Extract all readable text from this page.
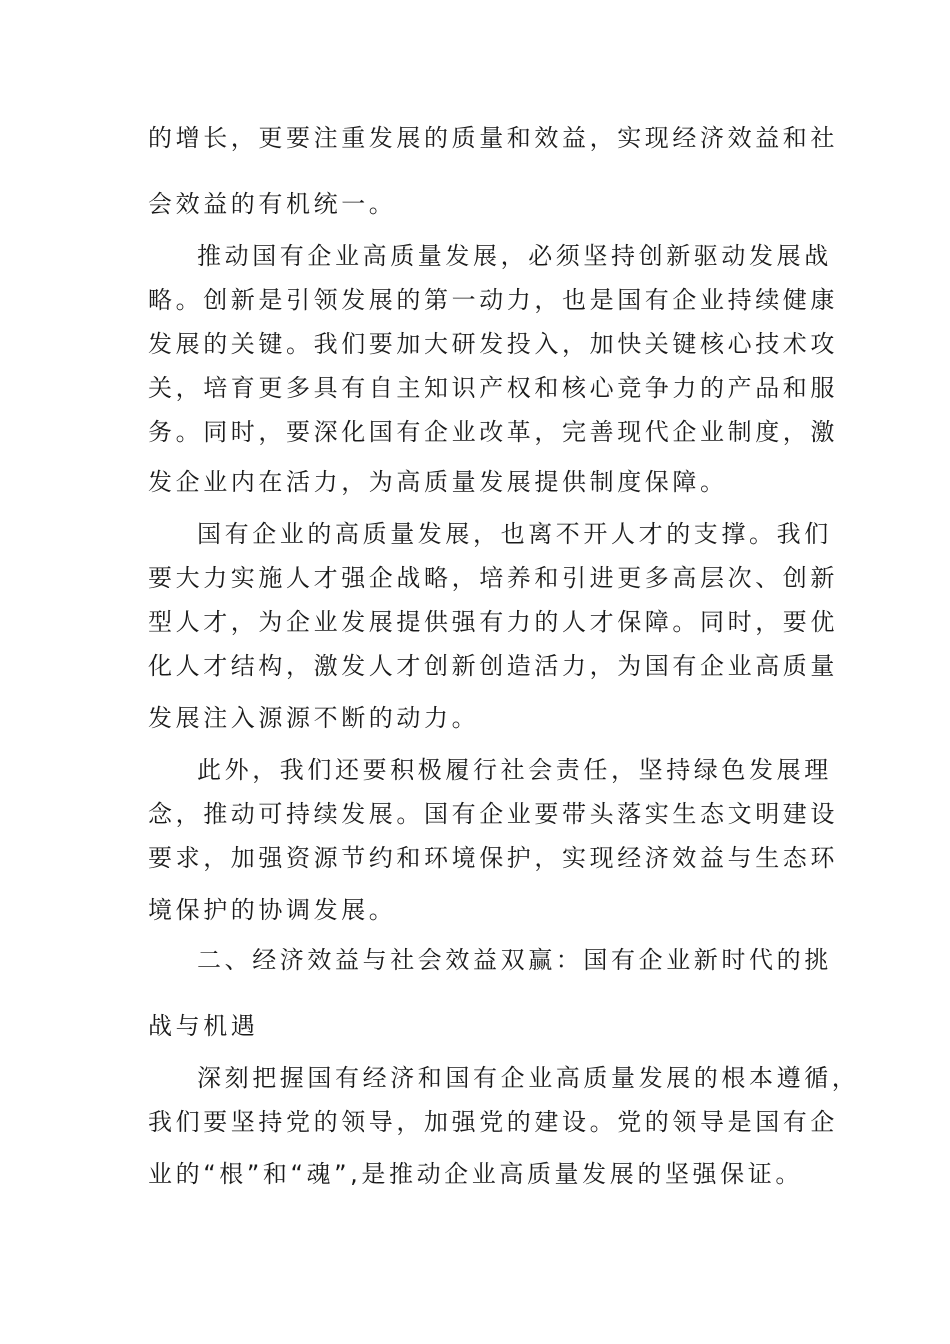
的增长，更要注重发展的质量和效益，实现经济效益和社
会效益的有机统一。
推动国有企业高质量发展，必须坚持创新驱动发展战
略。创新是引领发展的第一动力，也是国有企业持续健康
发展的关键。我们要加大研发投入，加快关键核心技术攻
关，培育更多具有自主知识产权和核心竞争力的产品和服
务。同时，要深化国有企业改革，完善现代企业制度，激
发企业内在活力，为高质量发展提供制度保障。
国有企业的高质量发展，也离不开人才的支撑。我们
要大力实施人才强企战略，培养和引进更多高层次、创新
型人才，为企业发展提供强有力的人才保障。同时，要优
化人才结构，激发人才创新创造活力，为国有企业高质量
发展注入源源不断的动力。
此外，我们还要积极履行社会责任，坚持绿色发展理
念，推动可持续发展。国有企业要带头落实生态文明建设
要求，加强资源节约和环境保护，实现经济效益与生态环
境保护的协调发展。
二、经济效益与社会效益双赢：国有企业新时代的挑
战与机遇
深刻把握国有经济和国有企业高质量发展的根本遵循，
我们要坚持党的领导，加强党的建设。党的领导是国有企
业的“根”和“魂”,是推动企业高质量发展的坚强保证。
